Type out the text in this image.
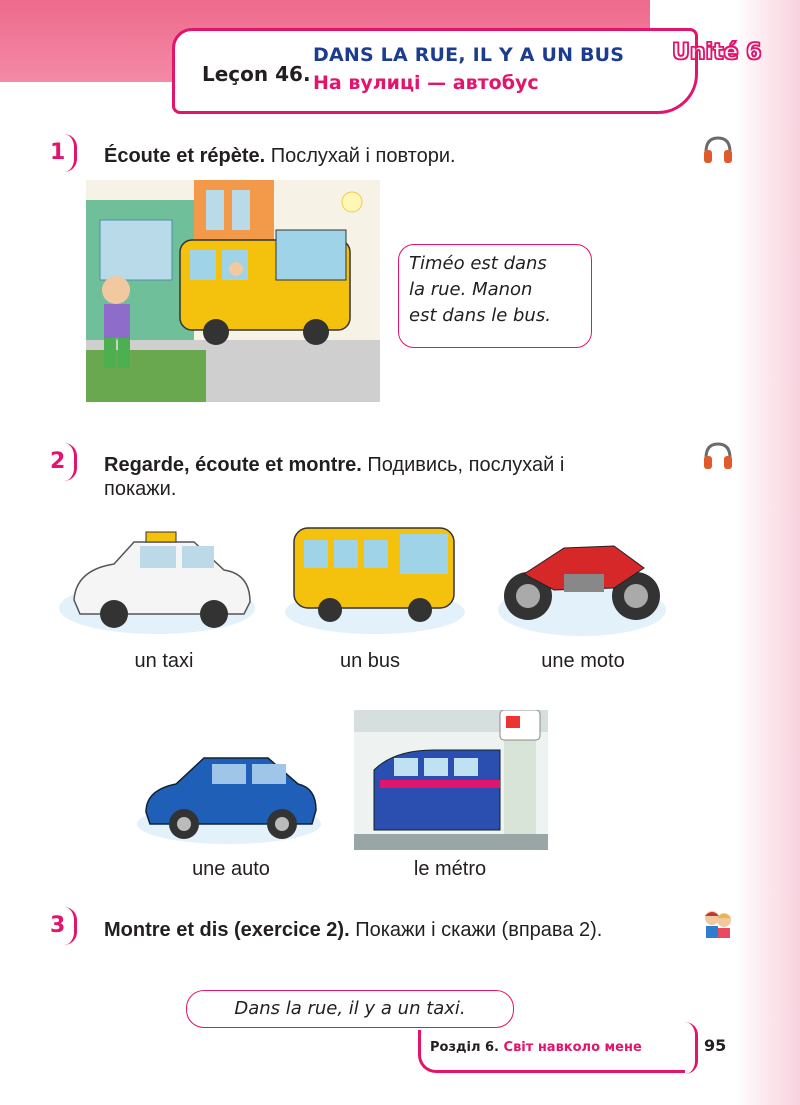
Leçon 46.
DANS LA RUE, IL Y A UN BUS
На вулиці — автобус
Unité 6
1 Écoute et répète. Послухай і повтори.
Timéo est dans
la rue. Manon
est dans le bus.
2 Regarde, écoute et montre. Подивись, послухай і покажи.
un taxi	un bus	une moto
une auto	le métro
3 Montre et dis (exercice 2). Покажи і скажи (вправа 2).
Dans la rue, il y a un taxi.
Розділ 6. Світ навколо мене	95
